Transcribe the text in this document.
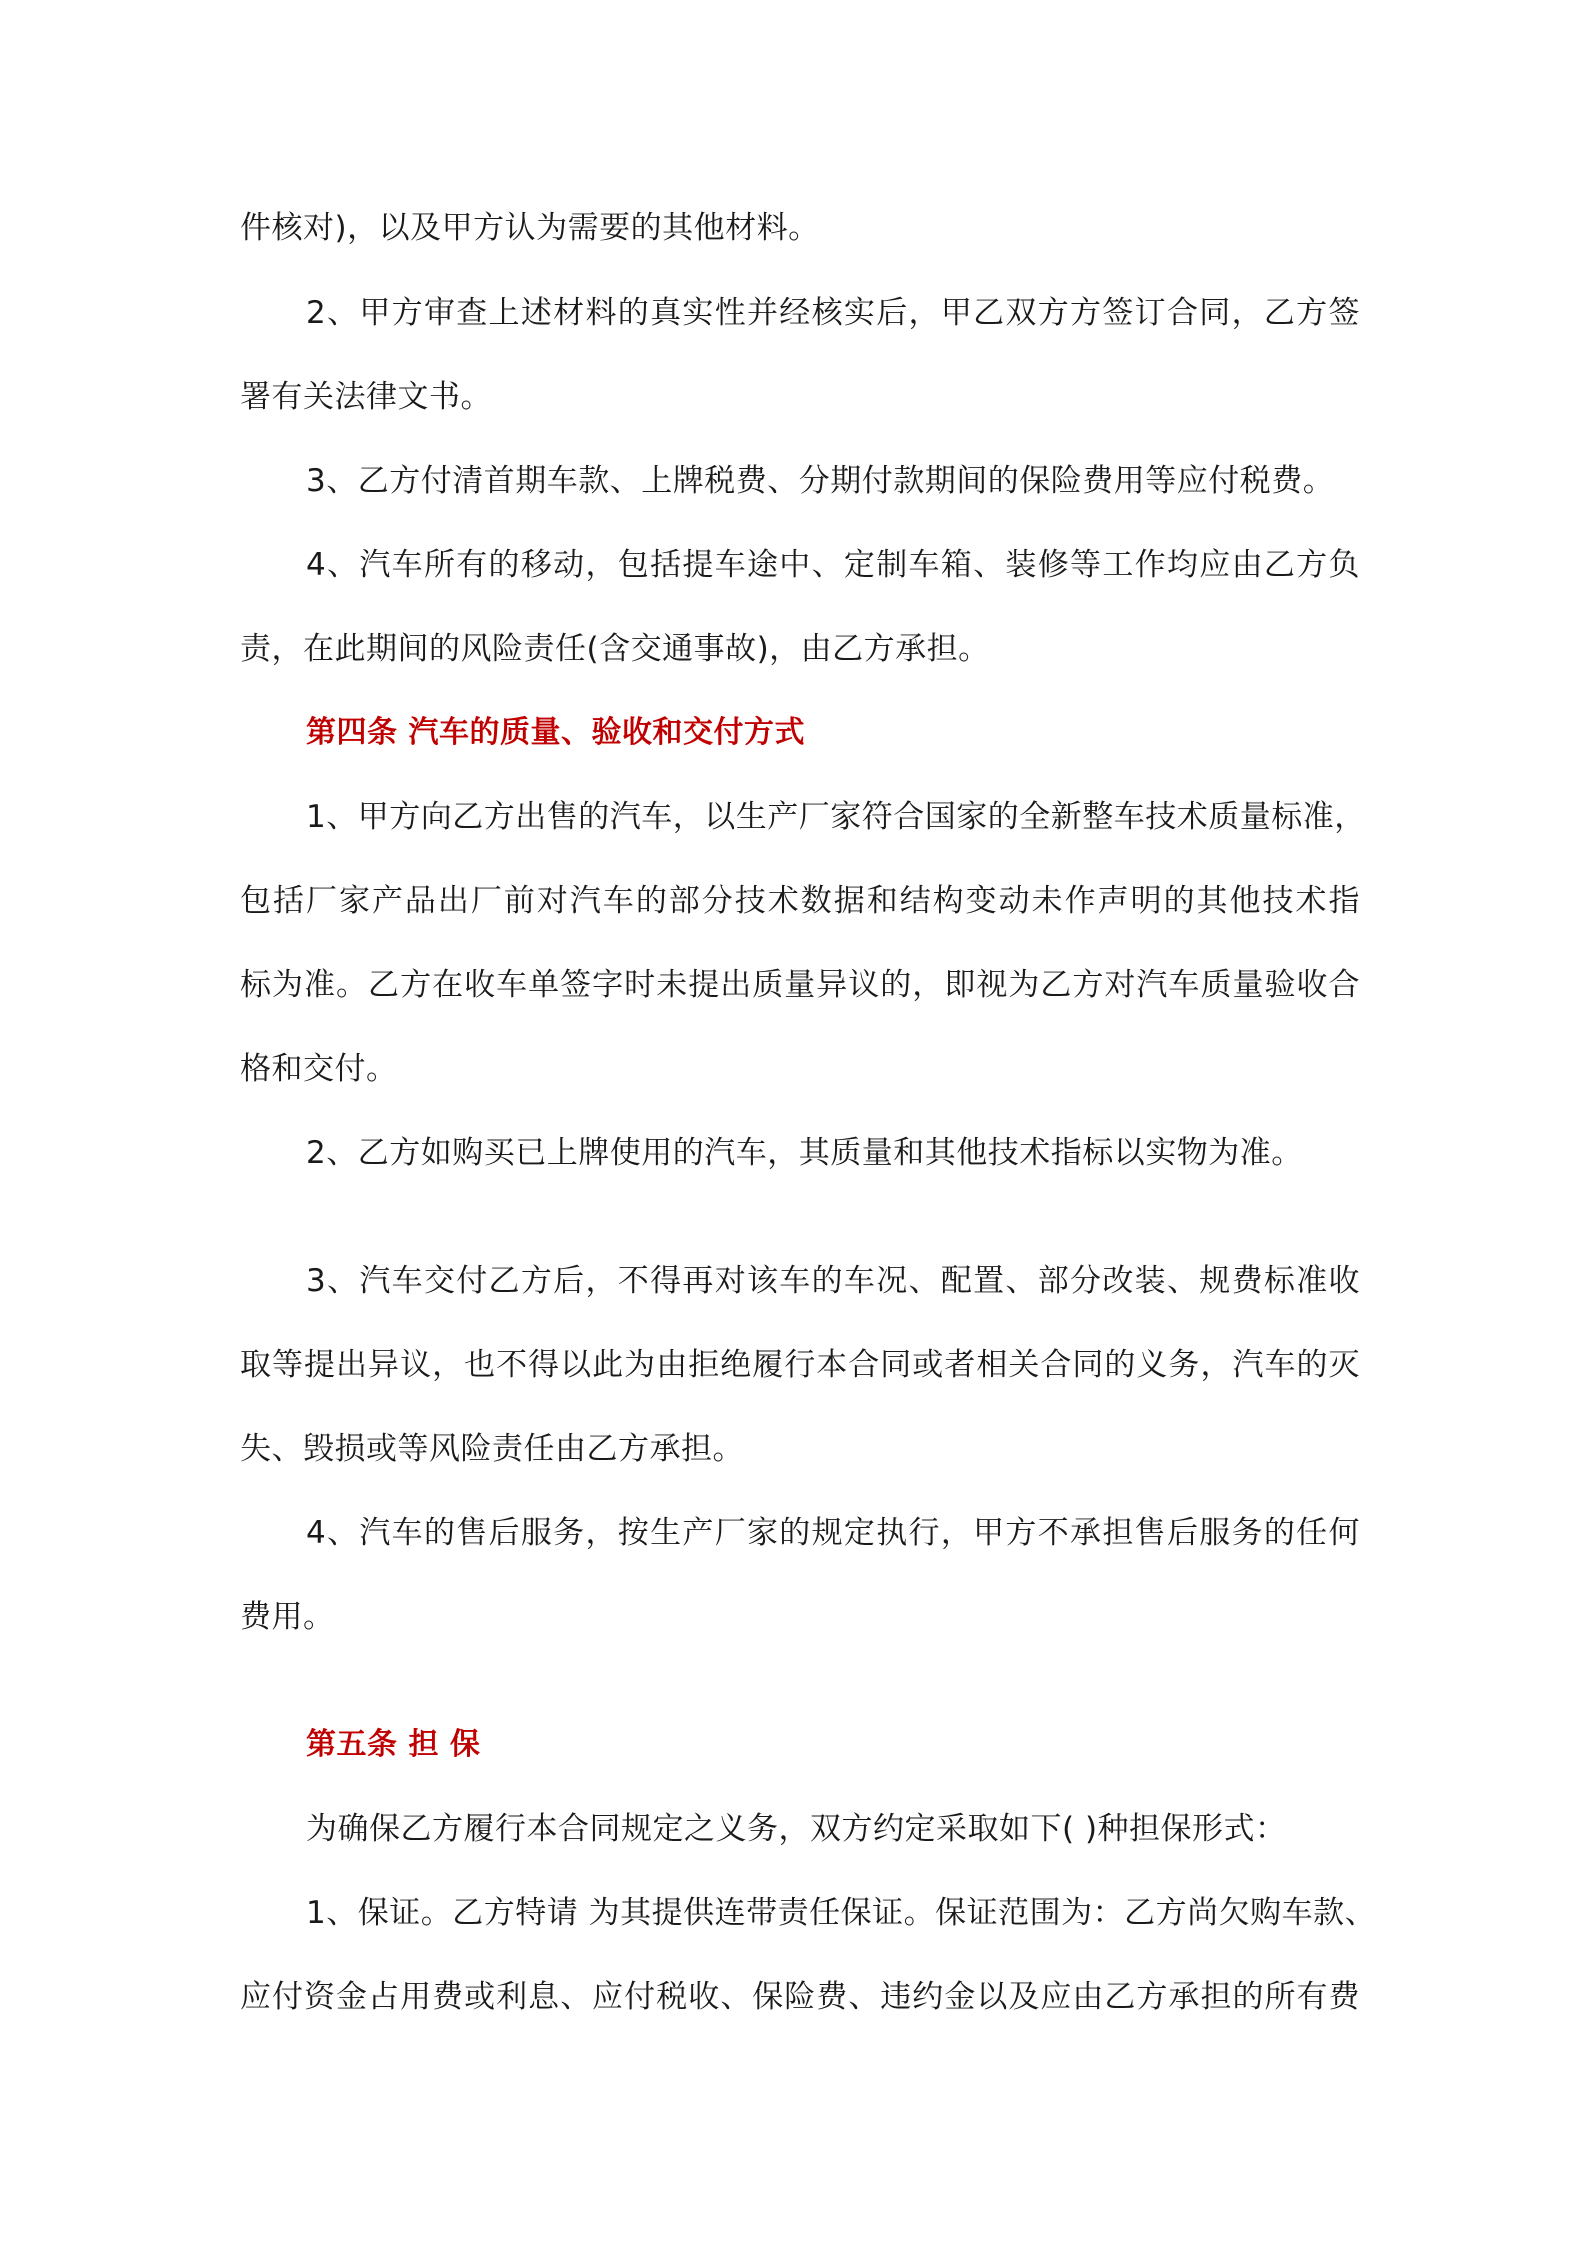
件核对)，以及甲方认为需要的其他材料。
2、甲方审查上述材料的真实性并经核实后，甲乙双方方签订合同，乙方签
署有关法律文书。
3、乙方付清首期车款、上牌税费、分期付款期间的保险费用等应付税费。
4、汽车所有的移动，包括提车途中、定制车箱、装修等工作均应由乙方负
责，在此期间的风险责任(含交通事故)，由乙方承担。
第四条 汽车的质量、验收和交付方式
1、甲方向乙方出售的汽车，以生产厂家符合国家的全新整车技术质量标准，
包括厂家产品出厂前对汽车的部分技术数据和结构变动未作声明的其他技术指
标为准。乙方在收车单签字时未提出质量异议的，即视为乙方对汽车质量验收合
格和交付。
2、乙方如购买已上牌使用的汽车，其质量和其他技术指标以实物为准。
3、汽车交付乙方后，不得再对该车的车况、配置、部分改装、规费标准收
取等提出异议，也不得以此为由拒绝履行本合同或者相关合同的义务，汽车的灭
失、毁损或等风险责任由乙方承担。
4、汽车的售后服务，按生产厂家的规定执行，甲方不承担售后服务的任何
费用。
第五条 担 保
为确保乙方履行本合同规定之义务，双方约定采取如下( )种担保形式：
1、保证。乙方特请 为其提供连带责任保证。保证范围为：乙方尚欠购车款、
应付资金占用费或利息、应付税收、保险费、违约金以及应由乙方承担的所有费
